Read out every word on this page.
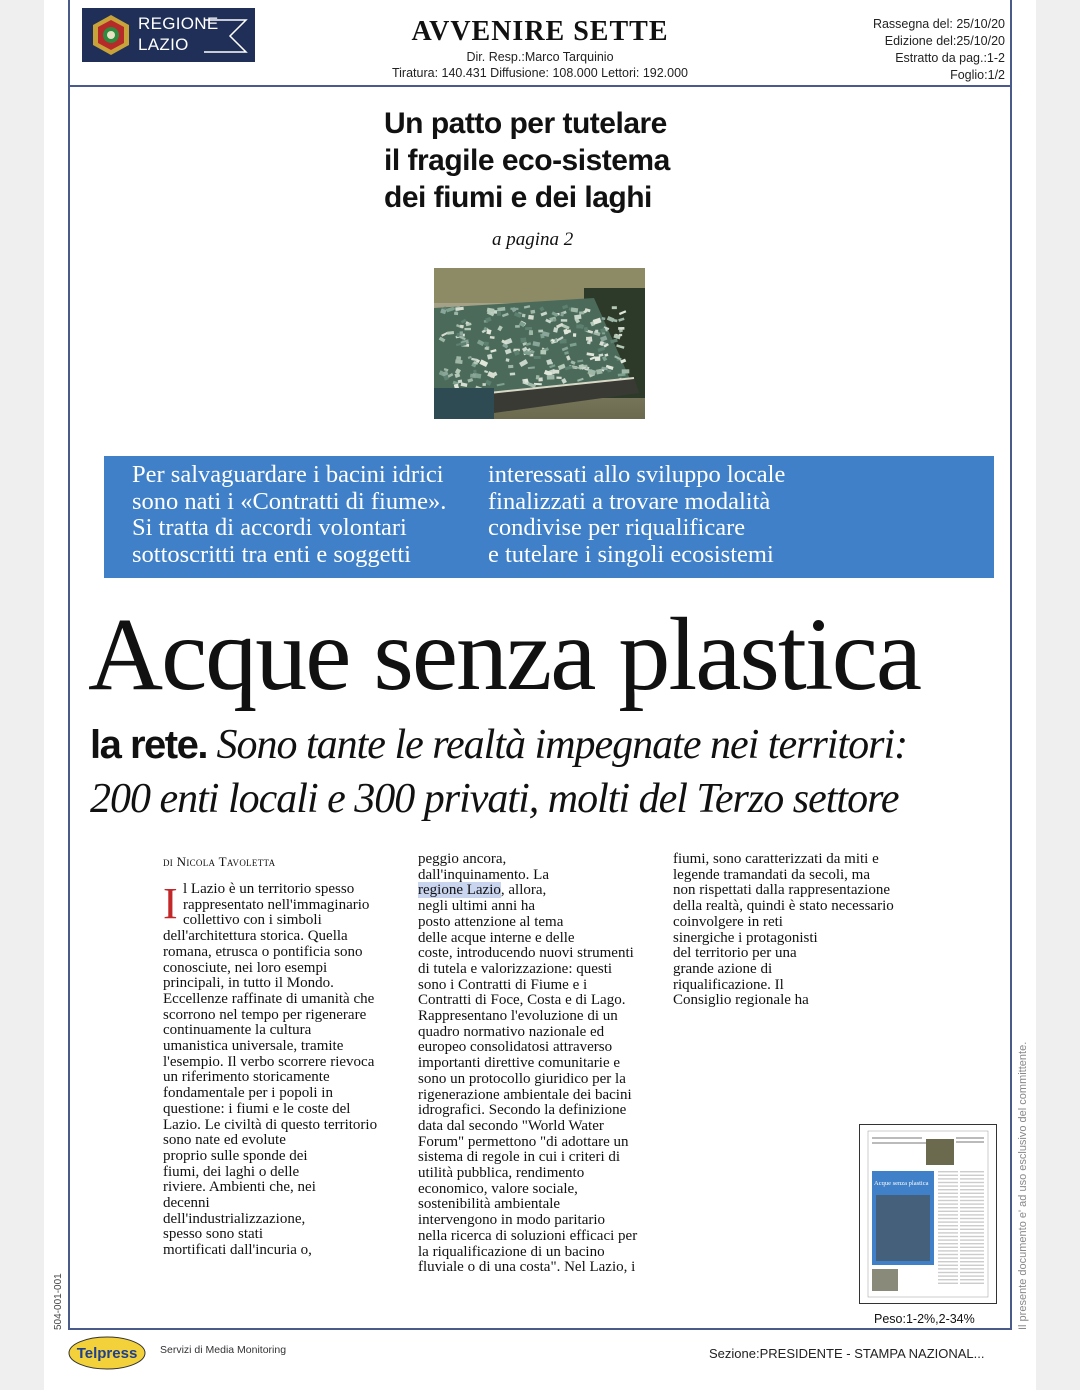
REGIONE
LAZIO	AVVENIRE SETTE
Dir. Resp.:Marco Tarquinio
Tiratura: 140.431 Diffusione: 108.000 Lettori: 192.000
Rassegna del: 25/10/20
Edizione del:25/10/20
Estratto da pag.:1-2
Foglio:1/2
Un patto per tutelare
il fragile eco-sistema
dei fiumi e dei laghi
a pagina 2
Per salvaguardare i bacini idrici
sono nati i «Contratti di fiume».
Si tratta di accordi volontari
sottoscritti tra enti e soggetti
interessati allo sviluppo locale
finalizzati a trovare modalità
condivise per riqualificare
e tutelare i singoli ecosistemi
Acque senza plastica
la rete. Sono tante le realtà impegnate nei territori:
200 enti locali e 300 privati, molti del Terzo settore
di Nicola Tavoletta
I l Lazio è un territorio spesso
rappresentato nell'immaginario
collettivo con i simboli
dell'architettura storica. Quella
romana, etrusca o pontificia sono
conosciute, nei loro esempi
principali, in tutto il Mondo.
Eccellenze raffinate di umanità che
scorrono nel tempo per rigenerare
continuamente la cultura
umanistica universale, tramite
l'esempio. Il verbo scorrere rievoca
un riferimento storicamente
fondamentale per i popoli in
questione: i fiumi e le coste del
Lazio. Le civiltà di questo territorio
sono nate ed evolute
proprio sulle sponde dei
fiumi, dei laghi o delle
riviere. Ambienti che, nei
decenni
dell'industrializzazione,
spesso sono stati
mortificati dall'incuria o,
peggio ancora,
dall'inquinamento. La
regione Lazio, allora,
negli ultimi anni ha
posto attenzione al tema
delle acque interne e delle
coste, introducendo nuovi strumenti
di tutela e valorizzazione: questi
sono i Contratti di Fiume e i
Contratti di Foce, Costa e di Lago.
Rappresentano l'evoluzione di un
quadro normativo nazionale ed
europeo consolidatosi attraverso
importanti direttive comunitarie e
sono un protocollo giuridico per la
rigenerazione ambientale dei bacini
idrografici. Secondo la definizione
data dal secondo "World Water
Forum" permettono "di adottare un
sistema di regole in cui i criteri di
utilità pubblica, rendimento
economico, valore sociale,
sostenibilità ambientale
intervengono in modo paritario
nella ricerca di soluzioni efficaci per
la riqualificazione di un bacino
fluviale o di una costa". Nel Lazio, i
fiumi, sono caratterizzati da miti e
legende tramandati da secoli, ma
non rispettati dalla rappresentazione
della realtà, quindi è stato necessario
coinvolgere in reti
sinergiche i protagonisti
del territorio per una
grande azione di
riqualificazione. Il
Consiglio regionale ha
Acque senza plastica
Peso:1-2%,2-34%	Il presente documento e' ad uso esclusivo del committente.
504-001-001
Telpress Servizi di Media Monitoring	Sezione:PRESIDENTE - STAMPA NAZIONAL...
